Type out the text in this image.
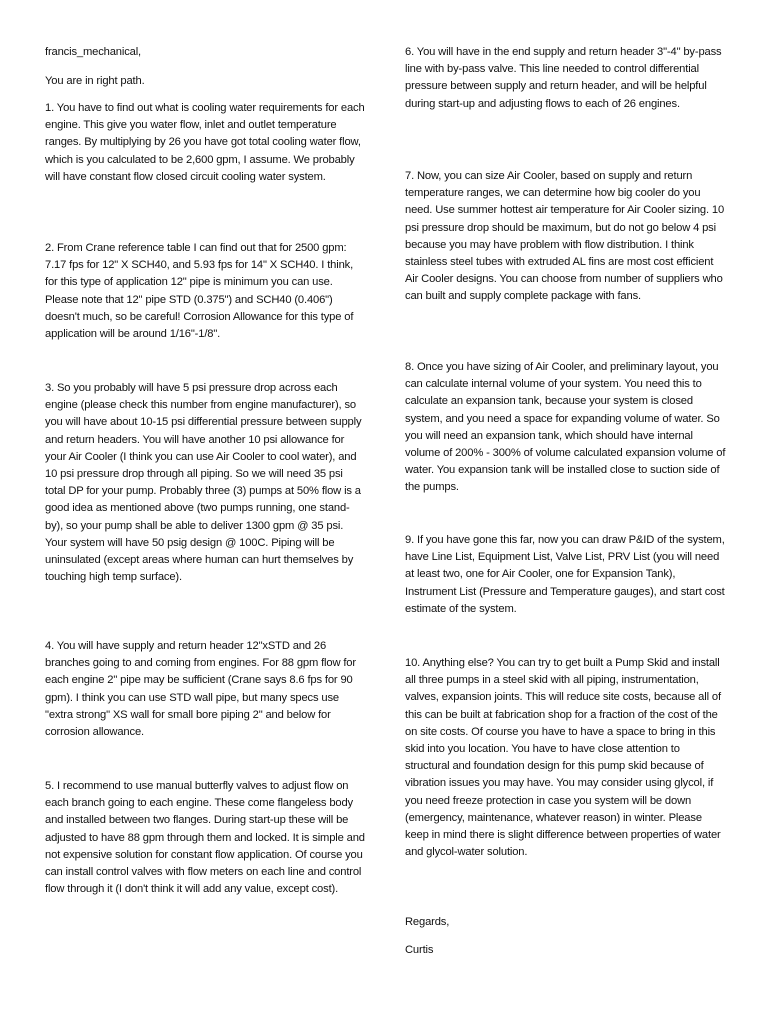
francis_mechanical,

You are in right path.

1. You have to find out what is cooling water requirements for each engine. This give you water flow, inlet and outlet temperature ranges. By multiplying by 26 you have got total cooling water flow, which is you calculated to be 2,600 gpm, I assume. We probably will have constant flow closed circuit cooling water system.

2. From Crane reference table I can find out that for 2500 gpm: 7.17 fps for 12" X SCH40, and 5.93 fps for 14" X SCH40. I think, for this type of application 12" pipe is minimum you can use. Please note that 12" pipe STD (0.375") and SCH40 (0.406") doesn't much, so be careful! Corrosion Allowance for this type of application will be around 1/16"-1/8".

3. So you probably will have 5 psi pressure drop across each engine (please check this number from engine manufacturer), so you will have about 10-15 psi differential pressure between supply and return headers. You will have another 10 psi allowance for your Air Cooler (I think you can use Air Cooler to cool water), and 10 psi pressure drop through all piping. So we will need 35 psi total DP for your pump. Probably three (3) pumps at 50% flow is a good idea as mentioned above (two pumps running, one stand-by), so your pump shall be able to deliver 1300 gpm @ 35 psi. Your system will have 50 psig design @ 100C. Piping will be uninsulated (except areas where human can hurt themselves by touching high temp surface).

4. You will have supply and return header 12"xSTD and 26 branches going to and coming from engines. For 88 gpm flow for each engine 2" pipe may be sufficient (Crane says 8.6 fps for 90 gpm). I think you can use STD wall pipe, but many specs use "extra strong" XS wall for small bore piping 2" and below for corrosion allowance.

5. I recommend to use manual butterfly valves to adjust flow on each branch going to each engine. These come flangeless body and installed between two flanges. During start-up these will be adjusted to have 88 gpm through them and locked. It is simple and not expensive solution for constant flow application. Of course you can install control valves with flow meters on each line and control flow through it (I don't think it will add any value, except cost).

6. You will have in the end supply and return header 3"-4" by-pass line with by-pass valve. This line needed to control differential pressure between supply and return header, and will be helpful during start-up and adjusting flows to each of 26 engines.

7. Now, you can size Air Cooler, based on supply and return temperature ranges, we can determine how big cooler do you need. Use summer hottest air temperature for Air Cooler sizing. 10 psi pressure drop should be maximum, but do not go below 4 psi because you may have problem with flow distribution. I think stainless steel tubes with extruded AL fins are most cost efficient Air Cooler designs. You can choose from number of suppliers who can built and supply complete package with fans.

8. Once you have sizing of Air Cooler, and preliminary layout, you can calculate internal volume of your system. You need this to calculate an expansion tank, because your system is closed system, and you need a space for expanding volume of water. So you will need an expansion tank, which should have internal volume of 200% - 300% of volume calculated expansion volume of water. You expansion tank will be installed close to suction side of the pumps.

9. If you have gone this far, now you can draw P&ID of the system, have Line List, Equipment List, Valve List, PRV List (you will need at least two, one for Air Cooler, one for Expansion Tank), Instrument List (Pressure and Temperature gauges), and start cost estimate of the system.

10. Anything else? You can try to get built a Pump Skid and install all three pumps in a steel skid with all piping, instrumentation, valves, expansion joints. This will reduce site costs, because all of this can be built at fabrication shop for a fraction of the cost of the on site costs. Of course you have to have a space to bring in this skid into you location. You have to have close attention to structural and foundation design for this pump skid because of vibration issues you may have. You may consider using glycol, if you need freeze protection in case you system will be down (emergency, maintenance, whatever reason) in winter. Please keep in mind there is slight difference between properties of water and glycol-water solution.

Regards,

Curtis
